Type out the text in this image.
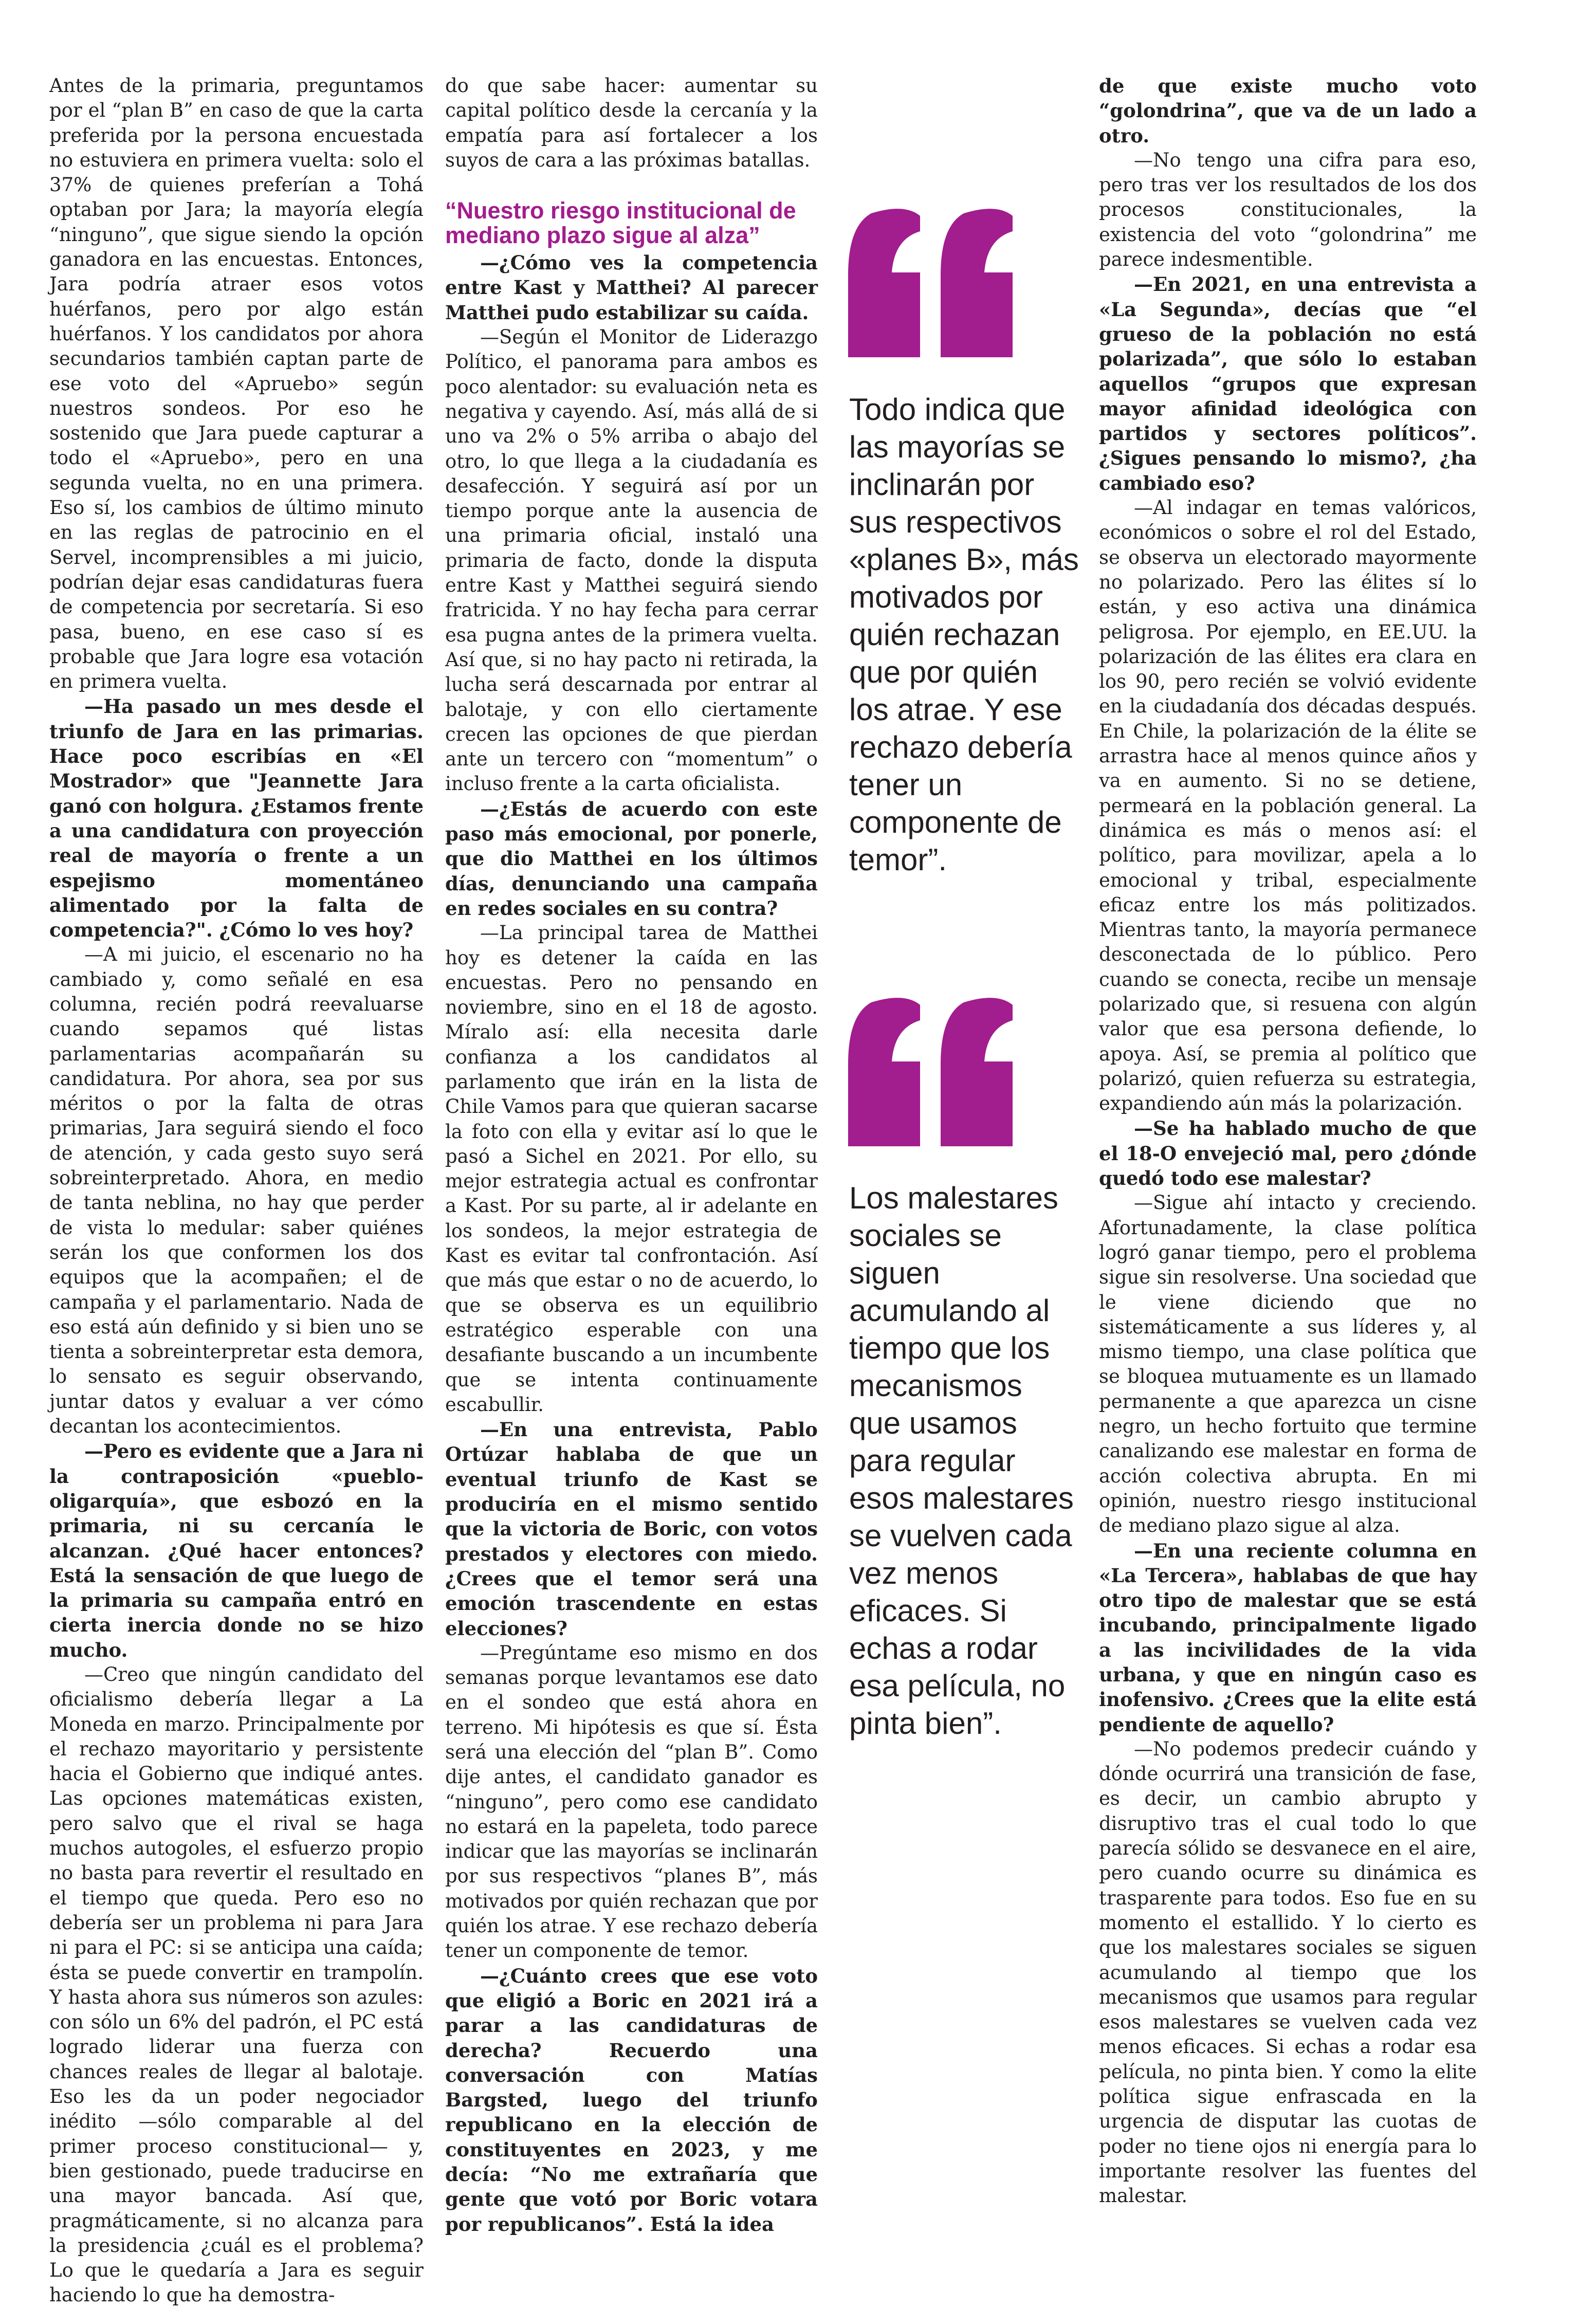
Antes de la primaria, preguntamos por el “plan B” en caso de que la carta preferida por la persona encuestada no estuviera en primera vuelta: solo el 37% de quienes preferían a Tohá optaban por Jara; la mayoría elegía “ninguno”, que sigue siendo la opción ganadora en las encuestas. Entonces, Jara podría atraer esos votos huérfanos, pero por algo están huérfanos. Y los candidatos por ahora secundarios también captan parte de ese voto del «Apruebo» según nuestros sondeos. Por eso he sostenido que Jara puede capturar a todo el «Apruebo», pero en una segunda vuelta, no en una primera. Eso sí, los cambios de último minuto en las reglas de patrocinio en el Servel, incomprensibles a mi juicio, podrían dejar esas candidaturas fuera de competencia por secretaría. Si eso pasa, bueno, en ese caso sí es probable que Jara logre esa votación en primera vuelta.

—Ha pasado un mes desde el triunfo de Jara en las primarias. Hace poco escribías en «El Mostrador» que "Jeannette Jara ganó con holgura. ¿Estamos frente a una candidatura con proyección real de mayoría o frente a un espejismo momentáneo alimentado por la falta de competencia?". ¿Cómo lo ves hoy?

—A mi juicio, el escenario no ha cambiado y, como señalé en esa columna, recién podrá reevaluarse cuando sepamos qué listas parlamentarias acompañarán su candidatura. Por ahora, sea por sus méritos o por la falta de otras primarias, Jara seguirá siendo el foco de atención, y cada gesto suyo será sobreinterpretado. Ahora, en medio de tanta neblina, no hay que perder de vista lo medular: saber quiénes serán los que conformen los dos equipos que la acompañen; el de campaña y el parlamentario. Nada de eso está aún definido y si bien uno se tienta a sobreinterpretar esta demora, lo sensato es seguir observando, juntar datos y evaluar a ver cómo decantan los acontecimientos.

—Pero es evidente que a Jara ni la contraposición «pueblo-oligarquía», que esbozó en la primaria, ni su cercanía le alcanzan. ¿Qué hacer entonces? Está la sensación de que luego de la primaria su campaña entró en cierta inercia donde no se hizo mucho.

—Creo que ningún candidato del oficialismo debería llegar a La Moneda en marzo. Principalmente por el rechazo mayoritario y persistente hacia el Gobierno que indiqué antes. Las opciones matemáticas existen, pero salvo que el rival se haga muchos autogoles, el esfuerzo propio no basta para revertir el resultado en el tiempo que queda. Pero eso no debería ser un problema ni para Jara ni para el PC: si se anticipa una caída; ésta se puede convertir en trampolín. Y hasta ahora sus números son azules: con sólo un 6% del padrón, el PC está logrado liderar una fuerza con chances reales de llegar al balotaje. Eso les da un poder negociador inédito —sólo comparable al del primer proceso constitucional— y, bien gestionado, puede traducirse en una mayor bancada. Así que, pragmáticamente, si no alcanza para la presidencia ¿cuál es el problema? Lo que le quedaría a Jara es seguir haciendo lo que ha demostra-

do que sabe hacer: aumentar su capital político desde la cercanía y la empatía para así fortalecer a los suyos de cara a las próximas batallas.

“Nuestro riesgo institucional de mediano plazo sigue al alza”

—¿Cómo ves la competencia entre Kast y Matthei? Al parecer Matthei pudo estabilizar su caída.

—Según el Monitor de Liderazgo Político, el panorama para ambos es poco alentador: su evaluación neta es negativa y cayendo. Así, más allá de si uno va 2% o 5% arriba o abajo del otro, lo que llega a la ciudadanía es desafección. Y seguirá así por un tiempo porque ante la ausencia de una primaria oficial, instaló una primaria de facto, donde la disputa entre Kast y Matthei seguirá siendo fratricida. Y no hay fecha para cerrar esa pugna antes de la primera vuelta. Así que, si no hay pacto ni retirada, la lucha será descarnada por entrar al balotaje, y con ello ciertamente crecen las opciones de que pierdan ante un tercero con “momentum” o incluso frente a la carta oficialista.

—¿Estás de acuerdo con este paso más emocional, por ponerle, que dio Matthei en los últimos días, denunciando una campaña en redes sociales en su contra?

—La principal tarea de Matthei hoy es detener la caída en las encuestas. Pero no pensando en noviembre, sino en el 18 de agosto. Míralo así: ella necesita darle confianza a los candidatos al parlamento que irán en la lista de Chile Vamos para que quieran sacarse la foto con ella y evitar así lo que le pasó a Sichel en 2021. Por ello, su mejor estrategia actual es confrontar a Kast. Por su parte, al ir adelante en los sondeos, la mejor estrategia de Kast es evitar tal confrontación. Así que más que estar o no de acuerdo, lo que se observa es un equilibrio estratégico esperable con una desafiante buscando a un incumbente que se intenta continuamente escabullir.

—En una entrevista, Pablo Ortúzar hablaba de que un eventual triunfo de Kast se produciría en el mismo sentido que la victoria de Boric, con votos prestados y electores con miedo. ¿Crees que el temor será una emoción trascendente en estas elecciones?

—Pregúntame eso mismo en dos semanas porque levantamos ese dato en el sondeo que está ahora en terreno. Mi hipótesis es que sí. Ésta será una elección del “plan B”. Como dije antes, el candidato ganador es “ninguno”, pero como ese candidato no estará en la papeleta, todo parece indicar que las mayorías se inclinarán por sus respectivos “planes B”, más motivados por quién rechazan que por quién los atrae. Y ese rechazo debería tener un componente de temor.

—¿Cuánto crees que ese voto que eligió a Boric en 2021 irá a parar a las candidaturas de derecha? Recuerdo una conversación con Matías Bargsted, luego del triunfo republicano en la elección de constituyentes en 2023, y me decía: “No me extrañaría que gente que votó por Boric votara por republicanos”. Está la idea

Todo indica que las mayorías se inclinarán por sus respectivos «planes B», más motivados por quién rechazan que por quién los atrae. Y ese rechazo debería tener un componente de temor”.

Los malestares sociales se siguen acumulando al tiempo que los mecanismos que usamos para regular esos malestares se vuelven cada vez menos eficaces. Si echas a rodar esa película, no pinta bien”.

de que existe mucho voto “golondrina”, que va de un lado a otro.

—No tengo una cifra para eso, pero tras ver los resultados de los dos procesos constitucionales, la existencia del voto “golondrina” me parece indesmentible.

—En 2021, en una entrevista a «La Segunda», decías que “el grueso de la población no está polarizada”, que sólo lo estaban aquellos “grupos que expresan mayor afinidad ideológica con partidos y sectores políticos”. ¿Sigues pensando lo mismo?, ¿ha cambiado eso?

—Al indagar en temas valóricos, económicos o sobre el rol del Estado, se observa un electorado mayormente no polarizado. Pero las élites sí lo están, y eso activa una dinámica peligrosa. Por ejemplo, en EE.UU. la polarización de las élites era clara en los 90, pero recién se volvió evidente en la ciudadanía dos décadas después. En Chile, la polarización de la élite se arrastra hace al menos quince años y va en aumento. Si no se detiene, permeará en la población general. La dinámica es más o menos así: el político, para movilizar, apela a lo emocional y tribal, especialmente eficaz entre los más politizados. Mientras tanto, la mayoría permanece desconectada de lo público. Pero cuando se conecta, recibe un mensaje polarizado que, si resuena con algún valor que esa persona defiende, lo apoya. Así, se premia al político que polarizó, quien refuerza su estrategia, expandiendo aún más la polarización.

—Se ha hablado mucho de que el 18-O envejeció mal, pero ¿dónde quedó todo ese malestar?

—Sigue ahí intacto y creciendo. Afortunadamente, la clase política logró ganar tiempo, pero el problema sigue sin resolverse. Una sociedad que le viene diciendo que no sistemáticamente a sus líderes y, al mismo tiempo, una clase política que se bloquea mutuamente es un llamado permanente a que aparezca un cisne negro, un hecho fortuito que termine canalizando ese malestar en forma de acción colectiva abrupta. En mi opinión, nuestro riesgo institucional de mediano plazo sigue al alza.

—En una reciente columna en «La Tercera», hablabas de que hay otro tipo de malestar que se está incubando, principalmente ligado a las incivilidades de la vida urbana, y que en ningún caso es inofensivo. ¿Crees que la elite está pendiente de aquello?

—No podemos predecir cuándo y dónde ocurrirá una transición de fase, es decir, un cambio abrupto y disruptivo tras el cual todo lo que parecía sólido se desvanece en el aire, pero cuando ocurre su dinámica es trasparente para todos. Eso fue en su momento el estallido. Y lo cierto es que los malestares sociales se siguen acumulando al tiempo que los mecanismos que usamos para regular esos malestares se vuelven cada vez menos eficaces. Si echas a rodar esa película, no pinta bien. Y como la elite política sigue enfrascada en la urgencia de disputar las cuotas de poder no tiene ojos ni energía para lo importante resolver las fuentes del malestar.
